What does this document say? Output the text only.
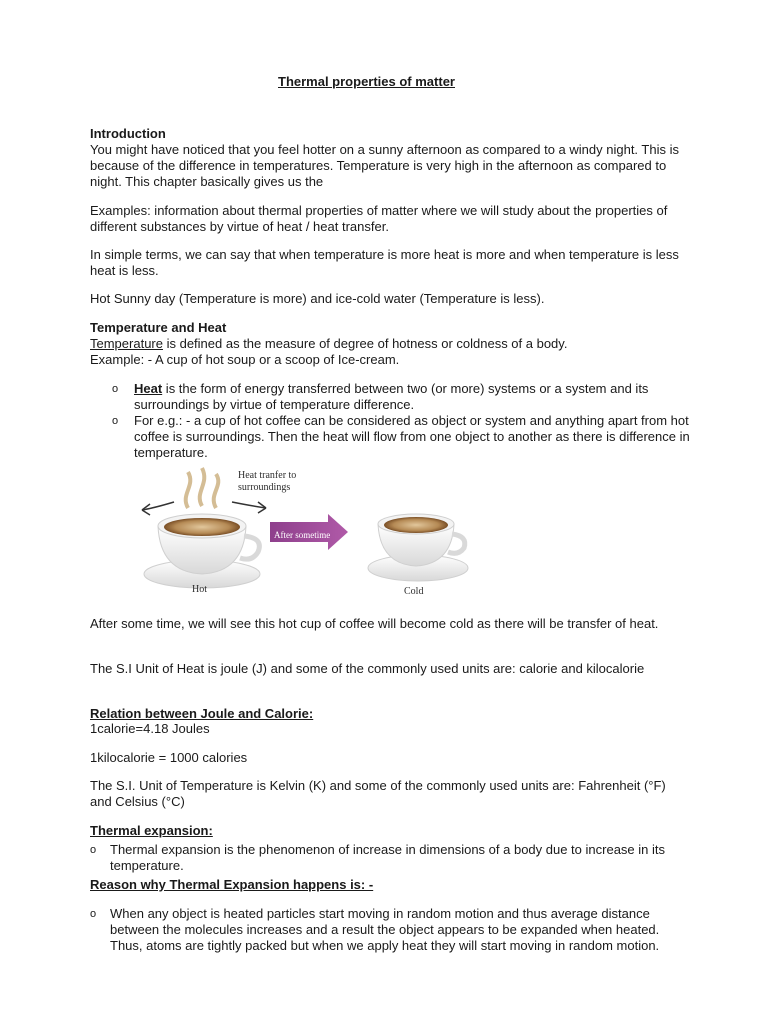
Thermal properties of matter
Introduction
You might have noticed that you feel hotter on a sunny afternoon as compared to a windy night. This is because of the difference in temperatures. Temperature is very high in the afternoon as compared to night. This chapter basically gives us the
Examples: information about thermal properties of matter where we will study about the properties of different substances by virtue of heat / heat transfer.
In simple terms, we can say that when temperature is more heat is more and when temperature is less heat is less.
Hot Sunny day (Temperature is more) and ice-cold water (Temperature is less).
Temperature and Heat
Temperature is defined as the measure of degree of hotness or coldness of a body.
Example: - A cup of hot soup or a scoop of Ice-cream.
o	Heat is the form of energy transferred between two (or more) systems or a system and its surroundings by virtue of temperature difference.
o	For e.g.: - a cup of hot coffee can be considered as object or system and anything apart from hot coffee is surroundings. Then the heat will flow from one object to another as there is difference in temperature.
Heat tranfer to
surroundings
After sometime
Hot	Cold
After some time, we will see this hot cup of coffee will become cold as there will be transfer of heat.
The S.I Unit of Heat is joule (J) and some of the commonly used units are: calorie and kilocalorie
Relation between Joule and Calorie:
1calorie=4.18 Joules
1kilocalorie = 1000 calories
The S.I. Unit of Temperature is Kelvin (K) and some of the commonly used units are: Fahrenheit (°F) and Celsius (°C)
Thermal expansion:
o	Thermal expansion is the phenomenon of increase in dimensions of a body due to increase in its temperature.
Reason why Thermal Expansion happens is: -
o	When any object is heated particles start moving in random motion and thus average distance between the molecules increases and a result the object appears to be expanded when heated. Thus, atoms are tightly packed but when we apply heat they will start moving in random motion.
